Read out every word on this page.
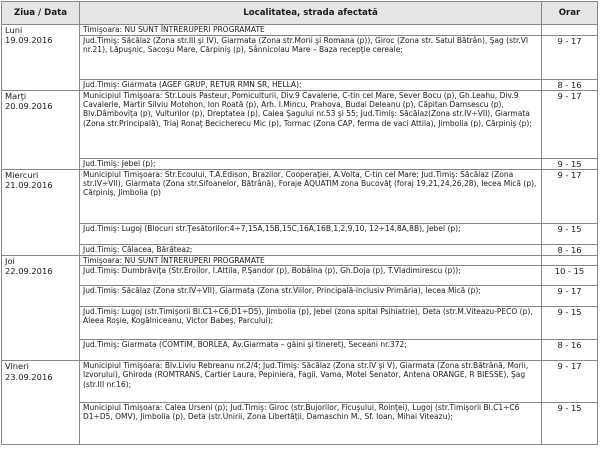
Ziua / Data	Localitatea, strada afectată	Orar

Luni
19.09.2016	Timişoara: NU SUNT ÎNTRERUPERI PROGRAMATE	
	Jud.Timiş: Săcălaz (Zona str.III şi IV), Giarmata (Zona str.Morii şi Romana (p)), Giroc (Zona str. Satul Bătrân), Şag (str.VI nr.21), Lăpuşnic, Sacoşu Mare, Cărpiniş (p), Sânnicolau Mare – Baza recepţie cereale;	9 - 17
	Jud.Timiş: Giarmata (AGEF GRUP, RETUR RMN SR, HELLA);	8 - 16

Marţi
20.09.2016	Municipiul Timişoara: Str.Louis Pasteur, Pomiculturii, Div.9 Cavalerie, C-tin cel Mare, Sever Bocu (p), Gh.Leahu, Div.9 Cavalerie, Martir Silviu Motohon, Ion Roată (p), Arh. I.Mincu, Prahova, Budai Deleanu (p), Căpitan Damsescu (p), Blv.Dâmboviţa (p), Vulturilor (p), Dreptatea (p), Calea Şagului nr.53 şi 55; Jud.Timiş: Săcălaz(Zona str.IV÷VII), Giarmata (Zona str.Principală), Triaj Ronaţ Becicherecu Mic (p), Tormac (Zona CAP, ferma de vaci Attila), Jimbolia (p), Cărpiniş (p);	9 - 17
	Jud.Timiş: Jebel (p);	9 - 15

Miercuri
21.09.2016	Municipiul Timişoara: Str.Ecoului, T.A.Edison, Brazilor, Cooperaţiei, A.Volta, C-tin cel Mare; Jud.Timiş: Săcălaz (Zona str.IV÷VII), Giarmata (Zona str.Sifoanelor, Bătrână), Foraje AQUATIM zona Bucovăţ (foraj 19,21,24,26,28), Iecea Mică (p), Cărpiniş, Jimbolia (p)	9 - 17
	Jud.Timiş: Lugoj (Blocuri str.Ţesătorilor:4÷7,15A,15B,15C,16A,16B,1,2,9,10, 12÷14,8A,8B), Jebel (p);	9 - 15
	Jud.Timiş: Călacea, Bărăteaz;	8 - 16

Joi
22.09.2016	Timişoara: NU SUNT ÎNTRERUPERI PROGRAMATE	
	Jud.Timiş: Dumbrăviţa (Str.Eroilor, I.Attila, P.Şandor (p), Bobâlna (p), Gh.Doja (p), T.Vladimirescu (p));	10 - 15
	Jud.Timiş: Săcălaz (Zona str.IV÷VII), Giarmata (Zona str.Viilor, Principală-inclusiv Primăria), Iecea Mică (p);	9 - 17
	Jud.Timiş: Lugoj (str.Timişorii Bl.C1÷C6,D1÷D5), Jimbolia (p), Jebel (zona spital Psihiatrie), Deta (str.M.Viteazu-PECO (p), Aleea Roşie, Kogălniceanu, Victor Babeş, Parcului);	9 - 15
	Jud.Timiş: Giarmata (COMTIM, BORLEA, Av.Giarmata – găini şi tineret), Seceani nr.372;	8 - 16

Vineri
23.09.2016	Municipiul Timişoara: Blv.Liviu Rebreanu nr.2/4; Jud.Timiş: Săcălaz (Zona str.IV şi V), Giarmata (Zona str.Bătrână, Morii, Izvorului), Ghiroda (ROMTRANS, Cartier Laura, Pepiniera, Fagii, Vama, Motel Senator, Antena ORANGE, R BIESSE), Şag (str.III nr.16);	9 - 17
	Municipiul Timişoara: Calea Urseni (p); Jud.Timiş: Giroc (str.Bujorilor, Ficuşului, Roinţei), Lugoj (str.Timişorii Bl.C1÷C6 D1÷D5, OMV), Jimbolia (p), Deta (str.Unirii, Zona Libertăţii, Damaschin M., Sf. Ioan, Mihai Viteazu);	9 - 15
